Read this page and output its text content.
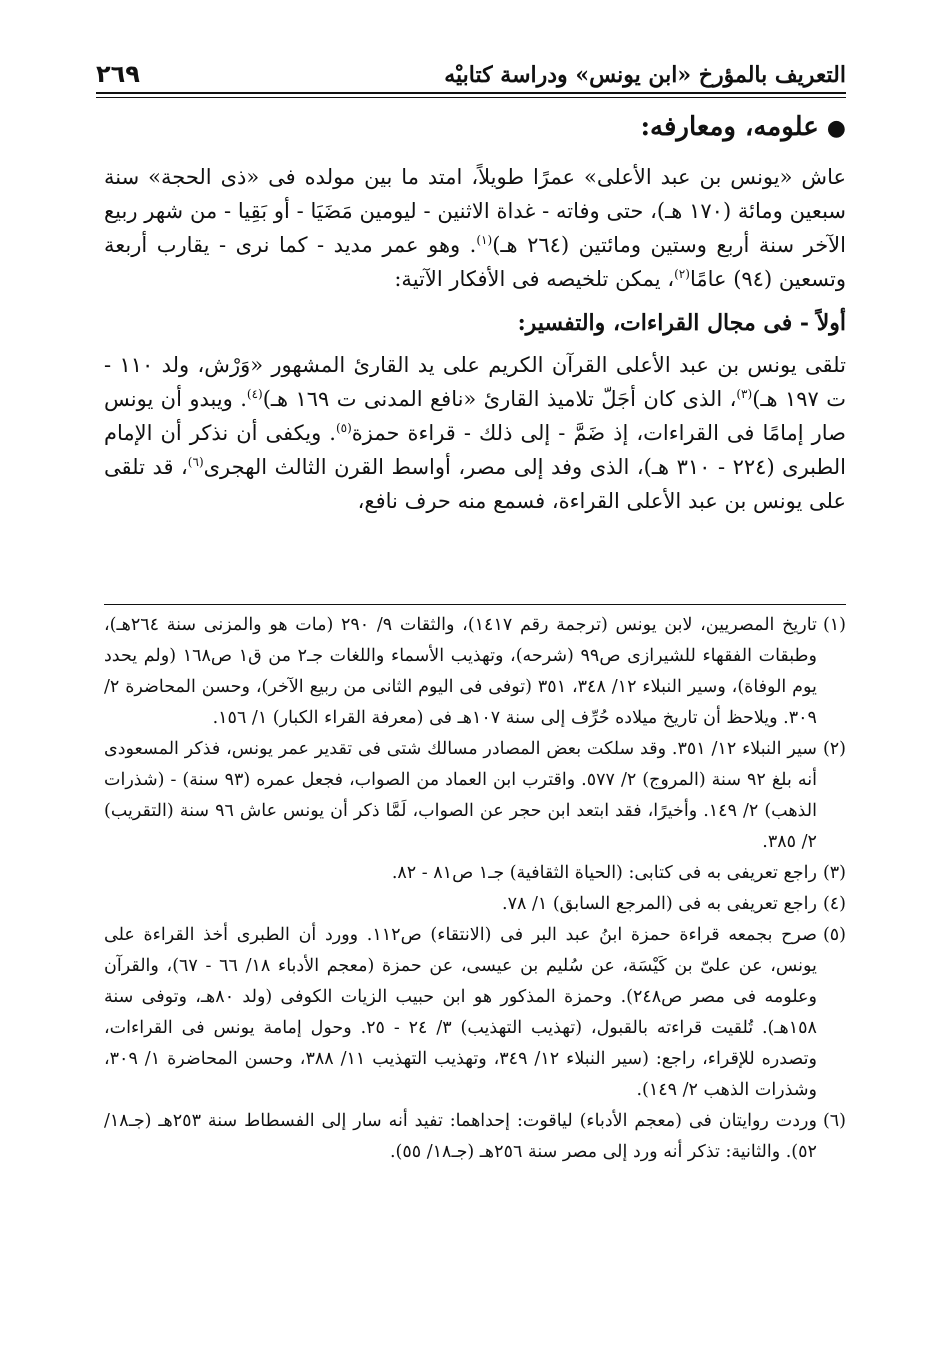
التعريف بالمؤرخ «ابن يونس» ودراسة كتابيْه
٢٦٩
●علومه، ومعارفه:

عاش «يونس بن عبد الأعلى» عمرًا طويلاً، امتد ما بين مولده فى «ذى الحجة» سنة سبعين ومائة (١٧٠ هـ)، حتى وفاته - غداة الاثنين - ليومين مَضَيَا - أو بَقِيا - من شهر ربيع الآخر سنة أربع وستين ومائتين (٢٦٤ هـ)$^{(١)}$. وهو عمر مديد - كما نرى - يقارب أربعة وتسعين (٩٤) عامًا$^{(٢)}$، يمكن تلخيصه فى الأفكار الآتية:

أولاً - فى مجال القراءات، والتفسير:

تلقى يونس بن عبد الأعلى القرآن الكريم على يد القارئ المشهور «وَرْش، ولد ١١٠ - ت ١٩٧ هـ)$^{(٣)}$، الذى كان أجَلّ تلاميذ القارئ «نافع المدنى ت ١٦٩ هـ)$^{(٤)}$. ويبدو أن يونس صار إمامًا فى القراءات، إذ ضَمَّ - إلى ذلك - قراءة حمزة$^{(٥)}$. ويكفى أن نذكر أن الإمام الطبرى (٢٢٤ - ٣١٠ هـ)، الذى وفد إلى مصر، أواسط القرن الثالث الهجرى$^{(٦)}$، قد تلقى على يونس بن عبد الأعلى القراءة، فسمع منه حرف نافع،

(١)
تاريخ المصريين، لابن يونس (ترجمة رقم ١٤١٧)، والثقات ٩/ ٢٩٠ (مات هو والمزنى سنة ٢٦٤هـ)، وطبقات الفقهاء للشيرازى ص٩٩ (شرحه)، وتهذيب الأسماء واللغات جـ٢ من ق١ ص١٦٨ (ولم يحدد يوم الوفاة)، وسير النبلاء ١٢/ ٣٤٨، ٣٥١ (توفى فى اليوم الثانى من ربيع الآخر)، وحسن المحاضرة ٢/ ٣٠٩. ويلاحظ أن تاريخ ميلاده حُرِّف إلى سنة ١٠٧هـ فى (معرفة القراء الكبار) ١/ ١٥٦.
(٢)
سير النبلاء ١٢/ ٣٥١. وقد سلكت بعض المصادر مسالك شتى فى تقدير عمر يونس، فذكر المسعودى أنه بلغ ٩٢ سنة (المروج) ٢/ ٥٧٧. واقترب ابن العماد من الصواب، فجعل عمره (٩٣ سنة) - (شذرات الذهب) ٢/ ١٤٩. وأخيرًا، فقد ابتعد ابن حجر عن الصواب، لَمَّا ذكر أن يونس عاش ٩٦ سنة (التقريب) ٢/ ٣٨٥.
(٣)
راجع تعريفى به فى كتابى: (الحياة الثقافية) جـ١ ص٨١ - ٨٢.
(٤)
راجع تعريفى به فى (المرجع السابق) ١/ ٧٨.
(٥)
صرح بجمعه قراءة حمزة ابنُ عبد البر فى (الانتقاء) ص١١٢. وورد أن الطبرى أخذ القراءة على يونس، عن علىّ بن كَيْسَة، عن سُليم بن عيسى، عن حمزة (معجم الأدباء ١٨/ ٦٦ - ٦٧)، والقرآن وعلومه فى مصر ص٢٤٨). وحمزة المذكور هو ابن حبيب الزيات الكوفى (ولد ٨٠هـ، وتوفى سنة ١٥٨هـ). تُلقيت قراءته بالقبول، (تهذيب التهذيب) ٣/ ٢٤ - ٢٥. وحول إمامة يونس فى القراءات، وتصدره للإقراء، راجع: (سير النبلاء ١٢/ ٣٤٩، وتهذيب التهذيب ١١/ ٣٨٨، وحسن المحاضرة ١/ ٣٠٩، وشذرات الذهب ٢/ ١٤٩).
(٦)
وردت روايتان فى (معجم الأدباء) لياقوت: إحداهما: تفيد أنه سار إلى الفسطاط سنة ٢٥٣هـ (جـ١٨/ ٥٢). والثانية: تذكر أنه ورد إلى مصر سنة ٢٥٦هـ (جـ١٨/ ٥٥).
